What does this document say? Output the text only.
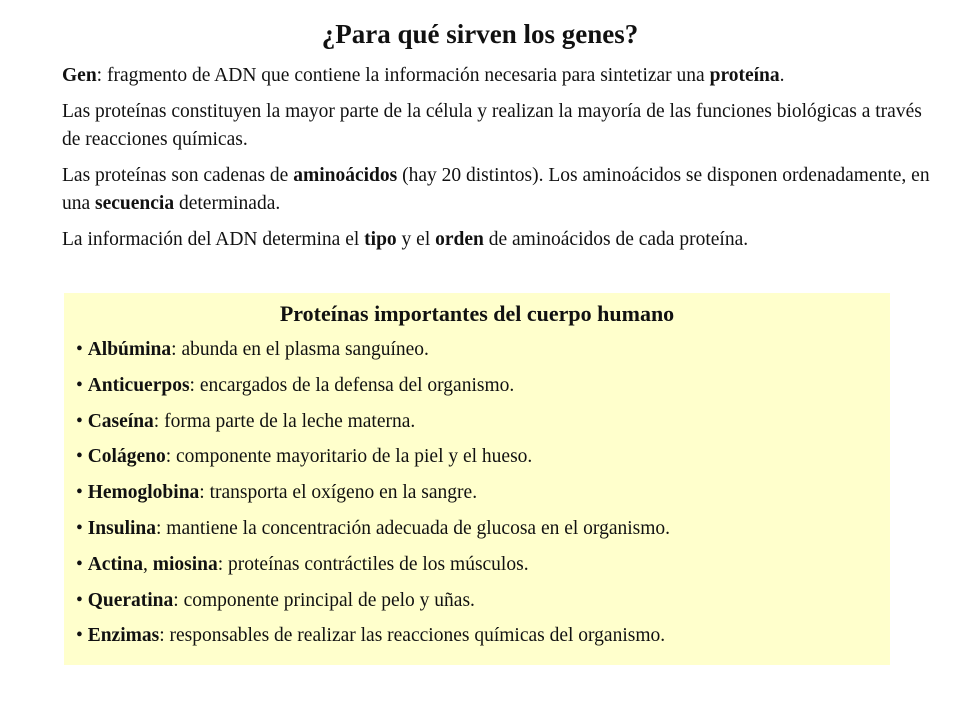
¿Para qué sirven los genes?

Gen: fragmento de ADN que contiene la información necesaria para sintetizar una proteína.

Las proteínas constituyen la mayor parte de la célula y realizan la mayoría de las funciones biológicas a través de reacciones químicas.

Las proteínas son cadenas de aminoácidos (hay 20 distintos). Los aminoácidos se disponen ordenadamente, en una secuencia determinada.

La información del ADN determina el tipo y el orden de aminoácidos de cada proteína.

Proteínas importantes del cuerpo humano
• Albúmina: abunda en el plasma sanguíneo.
• Anticuerpos: encargados de la defensa del organismo.
• Caseína: forma parte de la leche materna.
• Colágeno: componente mayoritario de la piel y el hueso.
• Hemoglobina: transporta el oxígeno en la sangre.
• Insulina: mantiene la concentración adecuada de glucosa en el organismo.
• Actina, miosina: proteínas contráctiles de los músculos.
• Queratina: componente principal de pelo y uñas.
• Enzimas: responsables de realizar las reacciones químicas del organismo.
